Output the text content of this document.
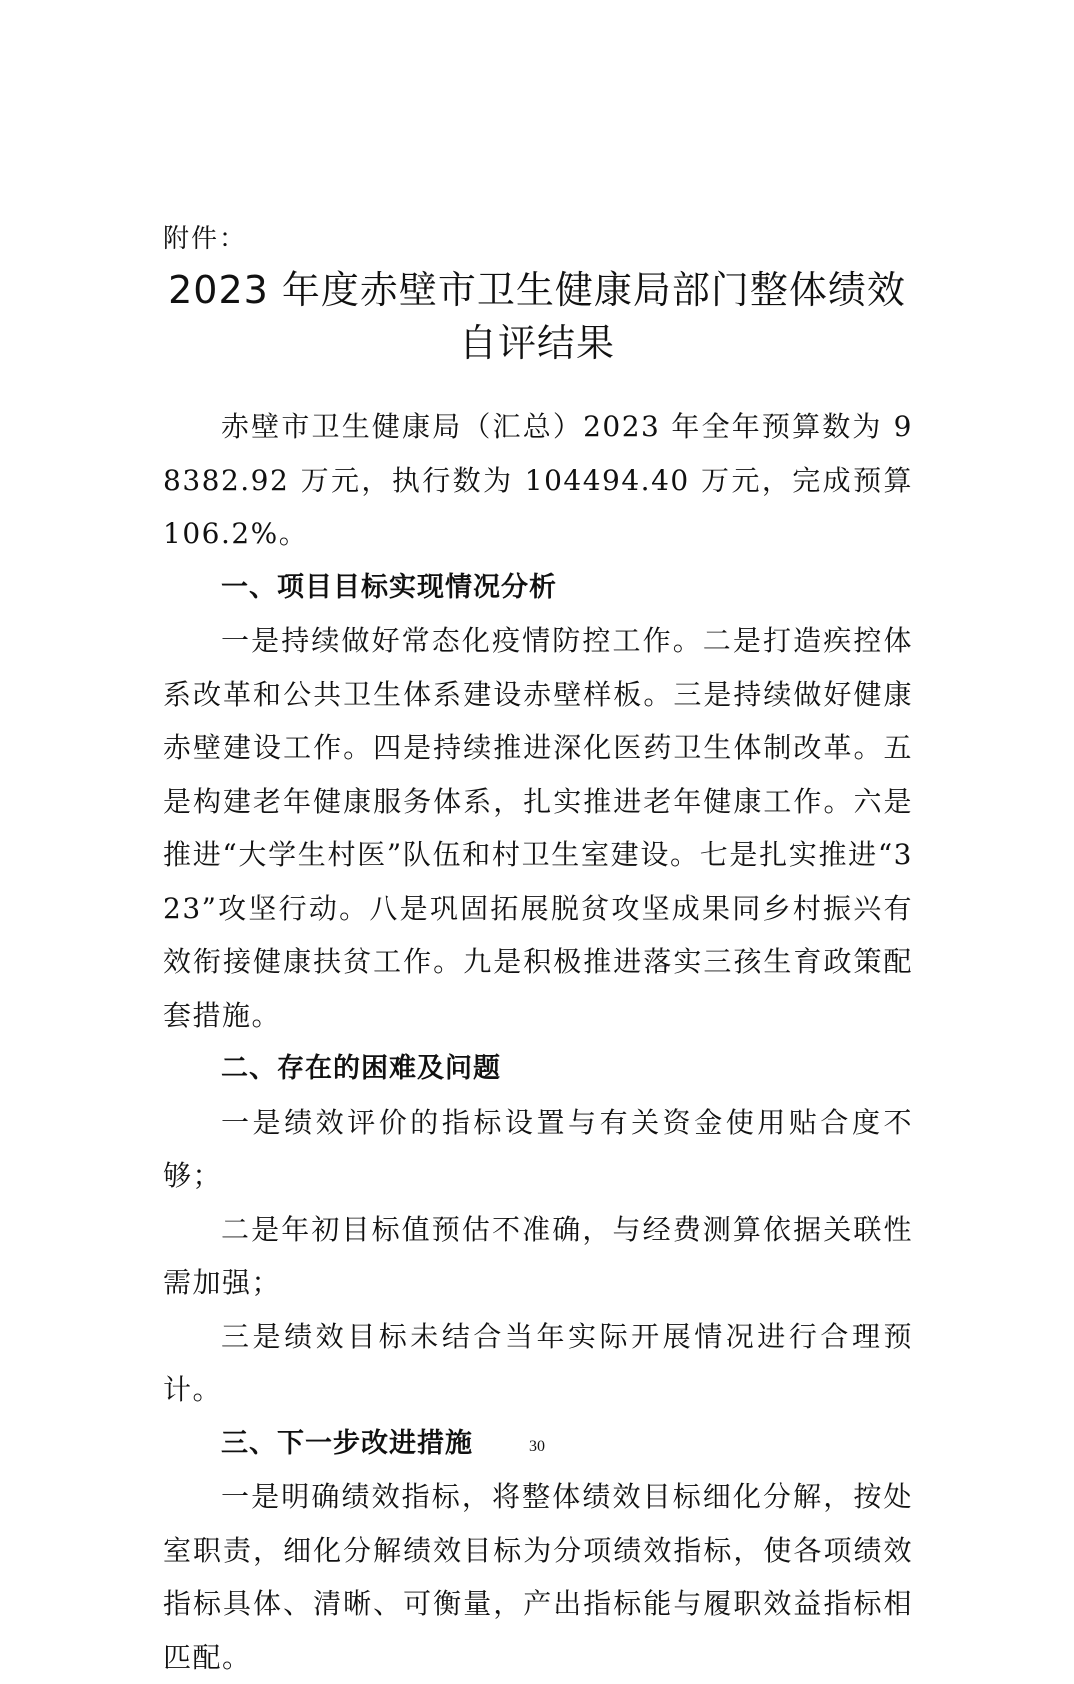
附件：
2023 年度赤壁市卫生健康局部门整体绩效
自评结果

赤壁市卫生健康局（汇总）2023 年全年预算数为 98382.92 万元，执行数为 104494.40 万元，完成预算 106.2%。

一、项目目标实现情况分析

一是持续做好常态化疫情防控工作。二是打造疾控体系改革和公共卫生体系建设赤壁样板。三是持续做好健康赤壁建设工作。四是持续推进深化医药卫生体制改革。五是构建老年健康服务体系，扎实推进老年健康工作。六是推进“大学生村医”队伍和村卫生室建设。七是扎实推进“323”攻坚行动。八是巩固拓展脱贫攻坚成果同乡村振兴有效衔接健康扶贫工作。九是积极推进落实三孩生育政策配套措施。

二、存在的困难及问题

一是绩效评价的指标设置与有关资金使用贴合度不够；

二是年初目标值预估不准确，与经费测算依据关联性需加强；

三是绩效目标未结合当年实际开展情况进行合理预计。

三、下一步改进措施

一是明确绩效指标，将整体绩效目标细化分解，按处室职责，细化分解绩效目标为分项绩效指标，使各项绩效指标具体、清晰、可衡量，产出指标能与履职效益指标相匹配。

30
